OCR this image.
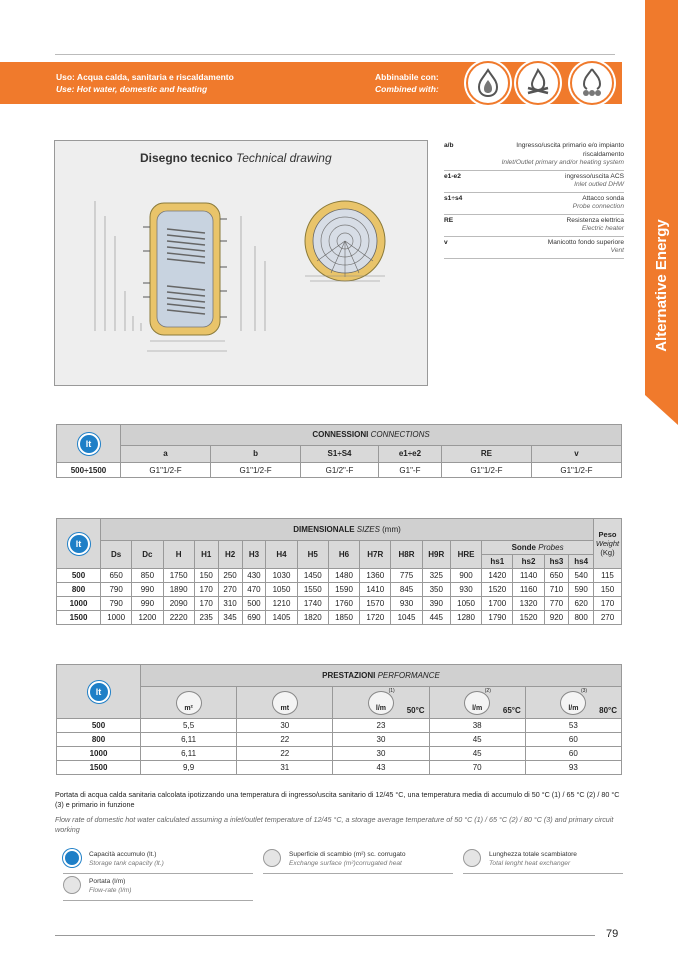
Uso: Acqua calda, sanitaria e riscaldamento
Use: Hot water, domestic and heating
Abbinabile con:
Combined with:
Alternative Energy
Disegno tecnico Technical drawing
a/b	Ingresso/uscita primario e/o impianto riscaldamento
Inlet/Outlet primary and/or heating system
e1-e2	ingresso/uscita ACS
Inlet outled DHW
s1÷s4	Attacco sonda
Probe connection
RE	Resistenza elettrica
Electric heater
v	Manicotto fondo superiore
Vent
lt	CONNESSIONI CONNECTIONS					
	a	b	S1÷S4	e1÷e2	RE	v
500÷1500	G1"1/2-F	G1"1/2-F	G1/2"-F	G1"-F	G1"1/2-F	G1"1/2-F
lt	DIMENSIONALE SIZES (mm)																	Peso
Weight
(Kg)

	Ds	Dc	H	H1	H2	H3	H4	H5	H6	H7R	H8R	H9R	HRE	Sonde Probes				
														hs1	hs2	hs3	hs4	
500	650	850	1750	150	250	430	1030	1450	1480	1360	775	325	900	1420	1140	650	540	115
800	790	990	1890	170	270	470	1050	1550	1590	1410	845	350	930	1520	1160	710	590	150
1000	790	990	2090	170	310	500	1210	1740	1760	1570	930	390	1050	1700	1320	770	620	170
1500	1000	1200	2220	235	345	690	1405	1820	1850	1720	1045	445	1280	1790	1520	920	800	270
lt	PRESTAZIONI PERFORMANCE				

	m²	mt	l/m
(1)
50°C	l/m
(2)
65°C	l/m
(3)
80°C

500	5,5	30	23	38	53
800	6,11	22	30	45	60
1000	6,11	22	30	45	60
1500	9,9	31	43	70	93
Portata di acqua calda sanitaria calcolata ipotizzando una temperatura di ingresso/uscita sanitario di 12/45 °C, una temperatura media di accumulo di 50 °C (1) / 65 °C (2) / 80 °C (3) e primario in funzione
Flow rate of domestic hot water calculated assuming a inlet/outlet temperature of 12/45 °C, a storage average temperature of 50 °C (1) / 65 °C (2) / 80 °C (3) and primary circuit working
Capacità accumulo (lt.)
Storage tank capacity (lt.)
Superficie di scambio (m²) sc. corrugato
Exchange surface (m²)corrugated heat
Lunghezza totale scambiatore
Total lenght heat exchanger
Portata (l/m)
Flow-rate (l/m)
79
